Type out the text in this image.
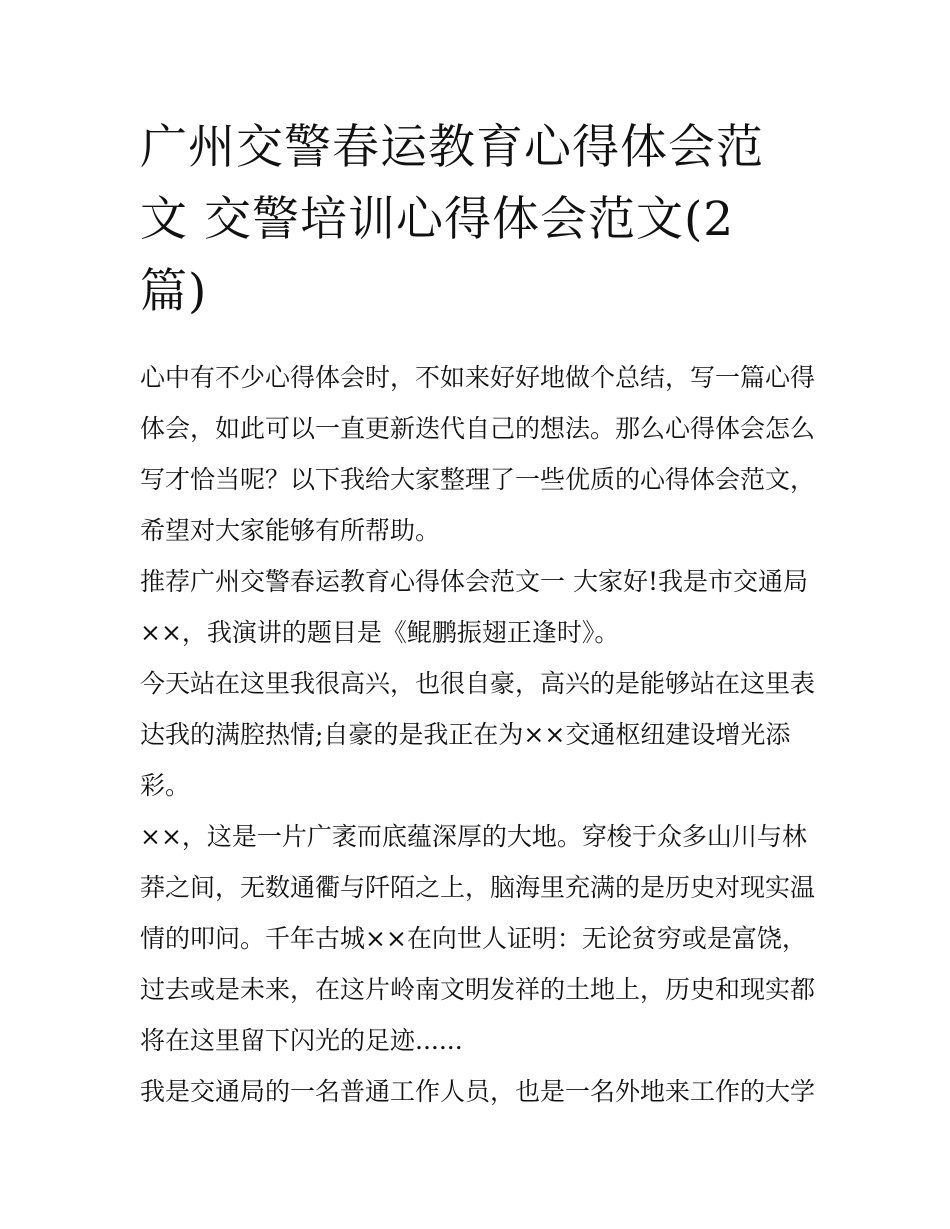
广州交警春运教育心得体会范
文 交警培训心得体会范文(2
篇)

心中有不少心得体会时，不如来好好地做个总结，写一篇心得
体会，如此可以一直更新迭代自己的想法。那么心得体会怎么
写才恰当呢？以下我给大家整理了一些优质的心得体会范文，
希望对大家能够有所帮助。

推荐广州交警春运教育心得体会范文一 大家好!我是市交通局
××，我演讲的题目是《鲲鹏振翅正逢时》。

今天站在这里我很高兴，也很自豪，高兴的是能够站在这里表
达我的满腔热情;自豪的是我正在为××交通枢纽建设增光添
彩。

××，这是一片广袤而底蕴深厚的大地。穿梭于众多山川与林
莽之间，无数通衢与阡陌之上，脑海里充满的是历史对现实温
情的叩问。千年古城××在向世人证明：无论贫穷或是富饶，
过去或是未来，在这片岭南文明发祥的土地上，历史和现实都
将在这里留下闪光的足迹......

我是交通局的一名普通工作人员，也是一名外地来工作的大学
